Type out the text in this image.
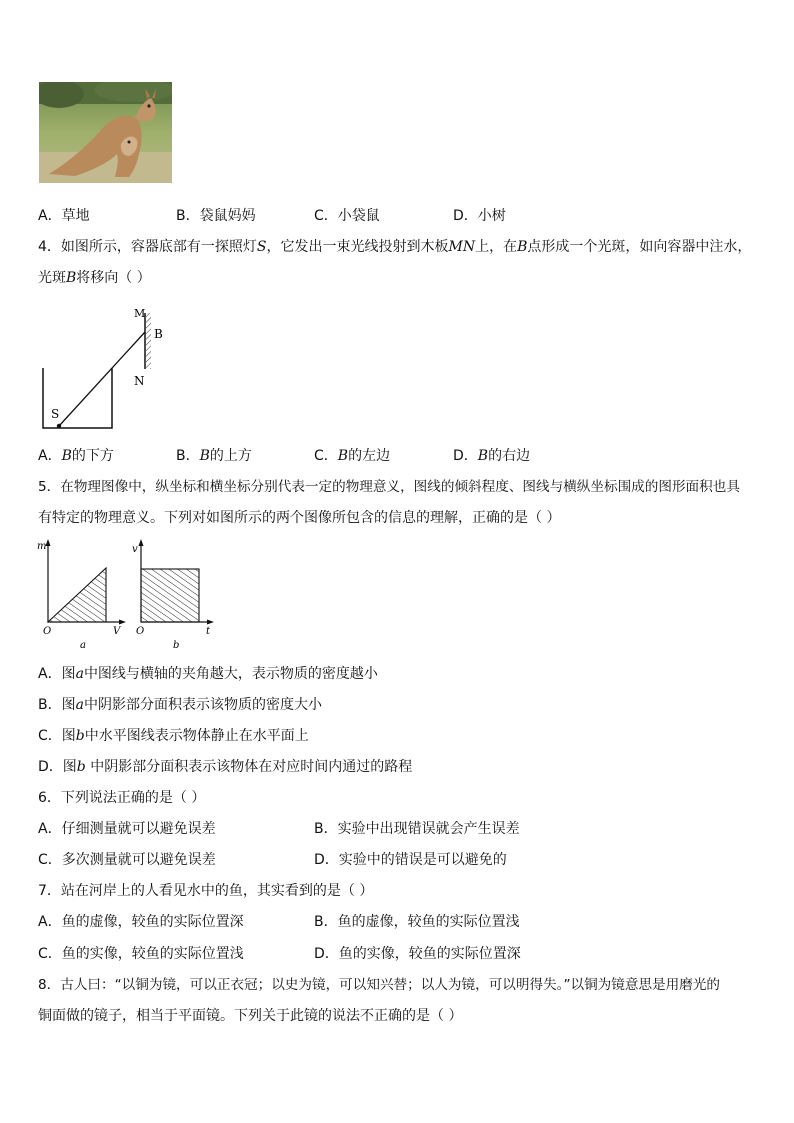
A．草地	B．袋鼠妈妈	C．小袋鼠	D．小树
4．如图所示，容器底部有一探照灯S，它发出一束光线投射到木板MN上，在B点形成一个光斑，如向容器中注水，
光斑B将移向（ ）
M
B
N
S
A．B的下方	B．B的上方	C．B的左边	D．B的右边
5．在物理图像中，纵坐标和横坐标分别代表一定的物理意义，图线的倾斜程度、图线与横纵坐标围成的图形面积也具
有特定的物理意义。下列对如图所示的两个图像所包含的信息的理解，正确的是（ ）
m
V
O
a
v
t
O
b
A．图a中图线与横轴的夹角越大，表示物质的密度越小
B．图a中阴影部分面积表示该物质的密度大小
C．图b中水平图线表示物体静止在水平面上
D．图b 中阴影部分面积表示该物体在对应时间内通过的路程
6．下列说法正确的是（ ）
A．仔细测量就可以避免误差	B．实验中出现错误就会产生误差
C．多次测量就可以避免误差	D．实验中的错误是可以避免的
7．站在河岸上的人看见水中的鱼，其实看到的是（ ）
A．鱼的虚像，较鱼的实际位置深	B．鱼的虚像，较鱼的实际位置浅
C．鱼的实像，较鱼的实际位置浅	D．鱼的实像，较鱼的实际位置深
8．古人曰：“以铜为镜，可以正衣冠；以史为镜，可以知兴替；以人为镜，可以明得失。”以铜为镜意思是用磨光的
铜面做的镜子，相当于平面镜。下列关于此镜的说法不正确的是（ ）
